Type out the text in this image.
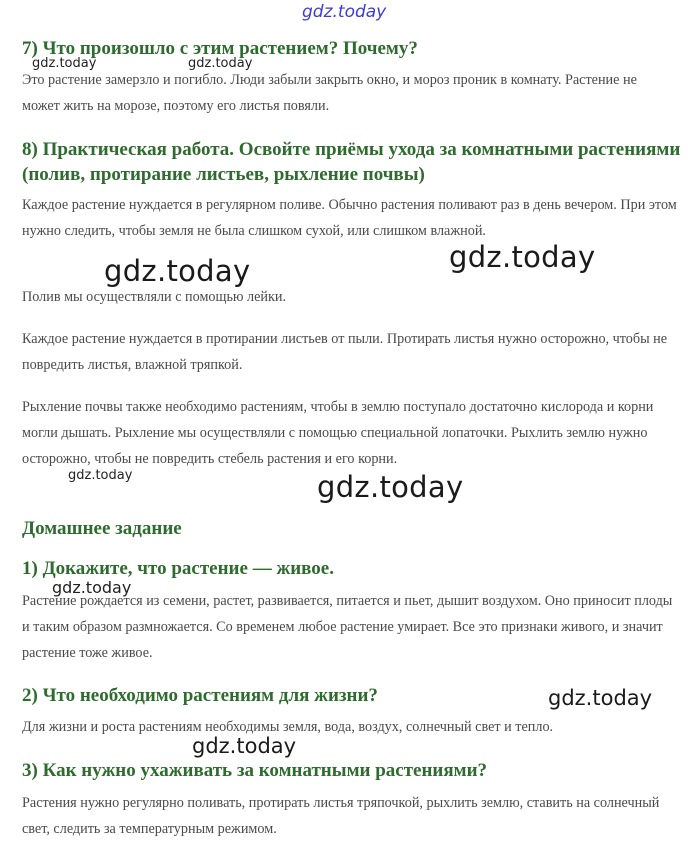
7) Что произошло с этим растением? Почему?

Это растение замерзло и погибло. Люди забыли закрыть окно, и мороз проник в комнату. Растение не может жить на морозе, поэтому его листья повяли.

8) Практическая работа. Освойте приёмы ухода за комнатными растениями (полив, протирание листьев, рыхление почвы)

Каждое растение нуждается в регулярном поливе. Обычно растения поливают раз в день вечером. При этом нужно следить, чтобы земля не была слишком сухой, или слишком влажной.

Полив мы осуществляли с помощью лейки.

Каждое растение нуждается в протирании листьев от пыли. Протирать листья нужно осторожно, чтобы не повредить листья, влажной тряпкой.

Рыхление почвы также необходимо растениям, чтобы в землю поступало достаточно кислорода и корни могли дышать. Рыхление мы осуществляли с помощью специальной лопаточки. Рыхлить землю нужно осторожно, чтобы не повредить стебель растения и его корни.

Домашнее задание
1) Докажите, что растение — живое.

Растение рождается из семени, растет, развивается, питается и пьет, дышит воздухом. Оно приносит плоды и таким образом размножается. Со временем любое растение умирает. Все это признаки живого, и значит растение тоже живое.

2) Что необходимо растениям для жизни?

Для жизни и роста растениям необходимы земля, вода, воздух, солнечный свет и тепло.

3) Как нужно ухаживать за комнатными растениями?

Растения нужно регулярно поливать, протирать листья тряпочкой, рыхлить землю, ставить на солнечный свет, следить за температурным режимом.

gdz.today
gdz.today	gdz.today
gdz.today	gdz.today
gdz.today	gdz.today
gdz.today
gdz.today
gdz.today
